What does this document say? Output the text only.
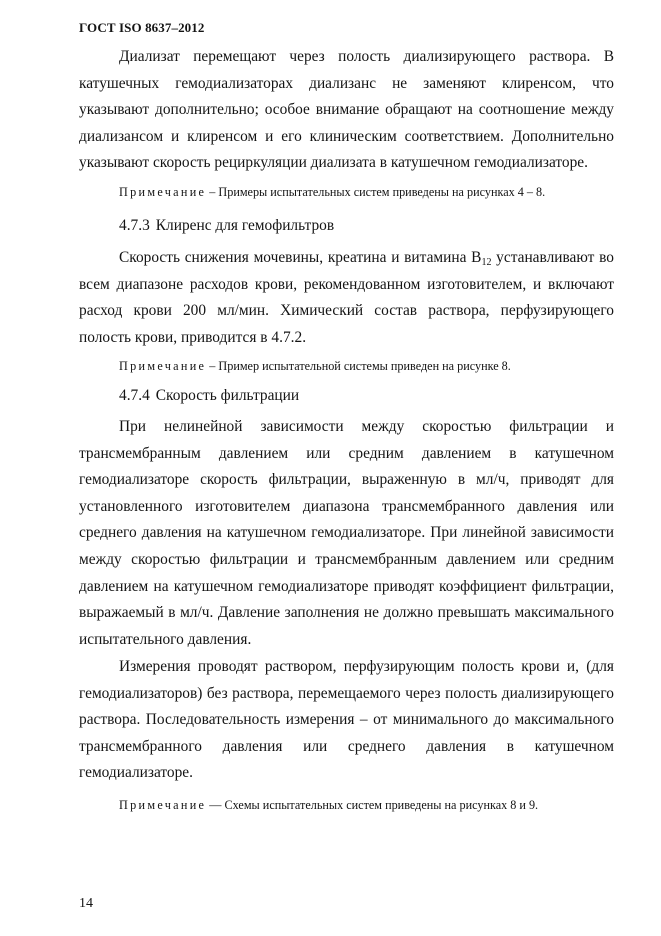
ГОСТ ISO 8637–2012

Диализат перемещают через полость диализирующего раствора. В катушечных гемодиализаторах диализанс не заменяют клиренсом, что указывают дополнительно; особое внимание обращают на соотношение между диализансом и клиренсом и его клиническим соответствием. Дополнительно указывают скорость рециркуляции диализата в катушечном гемодиализаторе.

Примечание – Примеры испытательных систем приведены на рисунках 4 – 8.
4.7.3 Клиренс для гемофильтров

Скорость снижения мочевины, креатина и витамина $В_{12}$ устанавливают во всем диапазоне расходов крови, рекомендованном изготовителем, и включают расход крови 200 мл/мин. Химический состав раствора, перфузирующего полость крови, приводится в 4.7.2.

Примечание – Пример испытательной системы приведен на рисунке 8.
4.7.4 Скорость фильтрации

При нелинейной зависимости между скоростью фильтрации и трансмембранным давлением или средним давлением в катушечном гемодиализаторе скорость фильтрации, выраженную в мл/ч, приводят для установленного изготовителем диапазона трансмембранного давления или среднего давления на катушечном гемодиализаторе. При линейной зависимости между скоростью фильтрации и трансмембранным давлением или средним давлением на катушечном гемодиализаторе приводят коэффициент фильтрации, выражаемый в мл/ч. Давление заполнения не должно превышать максимального испытательного давления.

Измерения проводят раствором, перфузирующим полость крови и, (для гемодиализаторов) без раствора, перемещаемого через полость диализирующего раствора. Последовательность измерения – от минимального до максимального трансмембранного давления или среднего давления в катушечном гемодиализаторе.

Примечание — Схемы испытательных систем приведены на рисунках 8 и 9.
14
